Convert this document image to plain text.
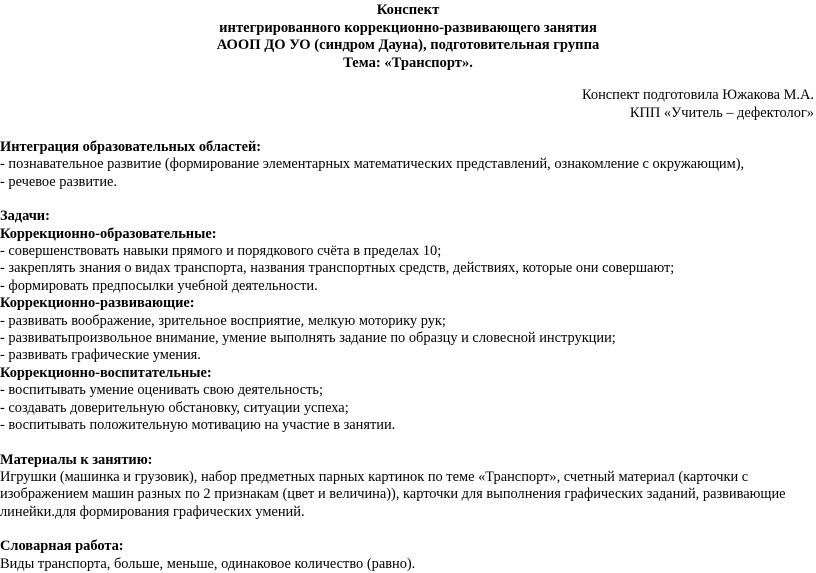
Конспект
интегрированного коррекционно-развивающего занятия
АООП ДО УО (синдром Дауна), подготовительная группа
Тема: «Транспорт».
Конспект подготовила Южакова М.А.
КПП «Учитель – дефектолог»
Интеграция образовательных областей:
- познавательное развитие (формирование элементарных математических представлений, ознакомление с окружающим),
- речевое развитие.
Задачи:
Коррекционно-образовательные:
- совершенствовать навыки прямого и порядкового счёта в пределах 10;
- закреплять знания о видах транспорта, названия транспортных средств, действиях, которые они совершают;
- формировать предпосылки учебной деятельности.
Коррекционно-развивающие:
- развивать воображение, зрительное восприятие, мелкую моторику рук;
- развиватьпроизвольное внимание, умение выполнять задание по образцу и словесной инструкции;
- развивать графические умения.
Коррекционно-воспитательные:
- воспитывать умение оценивать свою деятельность;
- создавать доверительную обстановку, ситуации успеха;
- воспитывать положительную мотивацию на участие в занятии.
Материалы к занятию:
Игрушки (машинка и грузовик), набор предметных парных картинок по теме «Транспорт», счетный материал (карточки с
изображением машин разных по 2 признакам (цвет и величина)), карточки для выполнения графических заданий, развивающие
линейки.для формирования графических умений.
Словарная работа:
Виды транспорта, больше, меньше, одинаковое количество (равно).
